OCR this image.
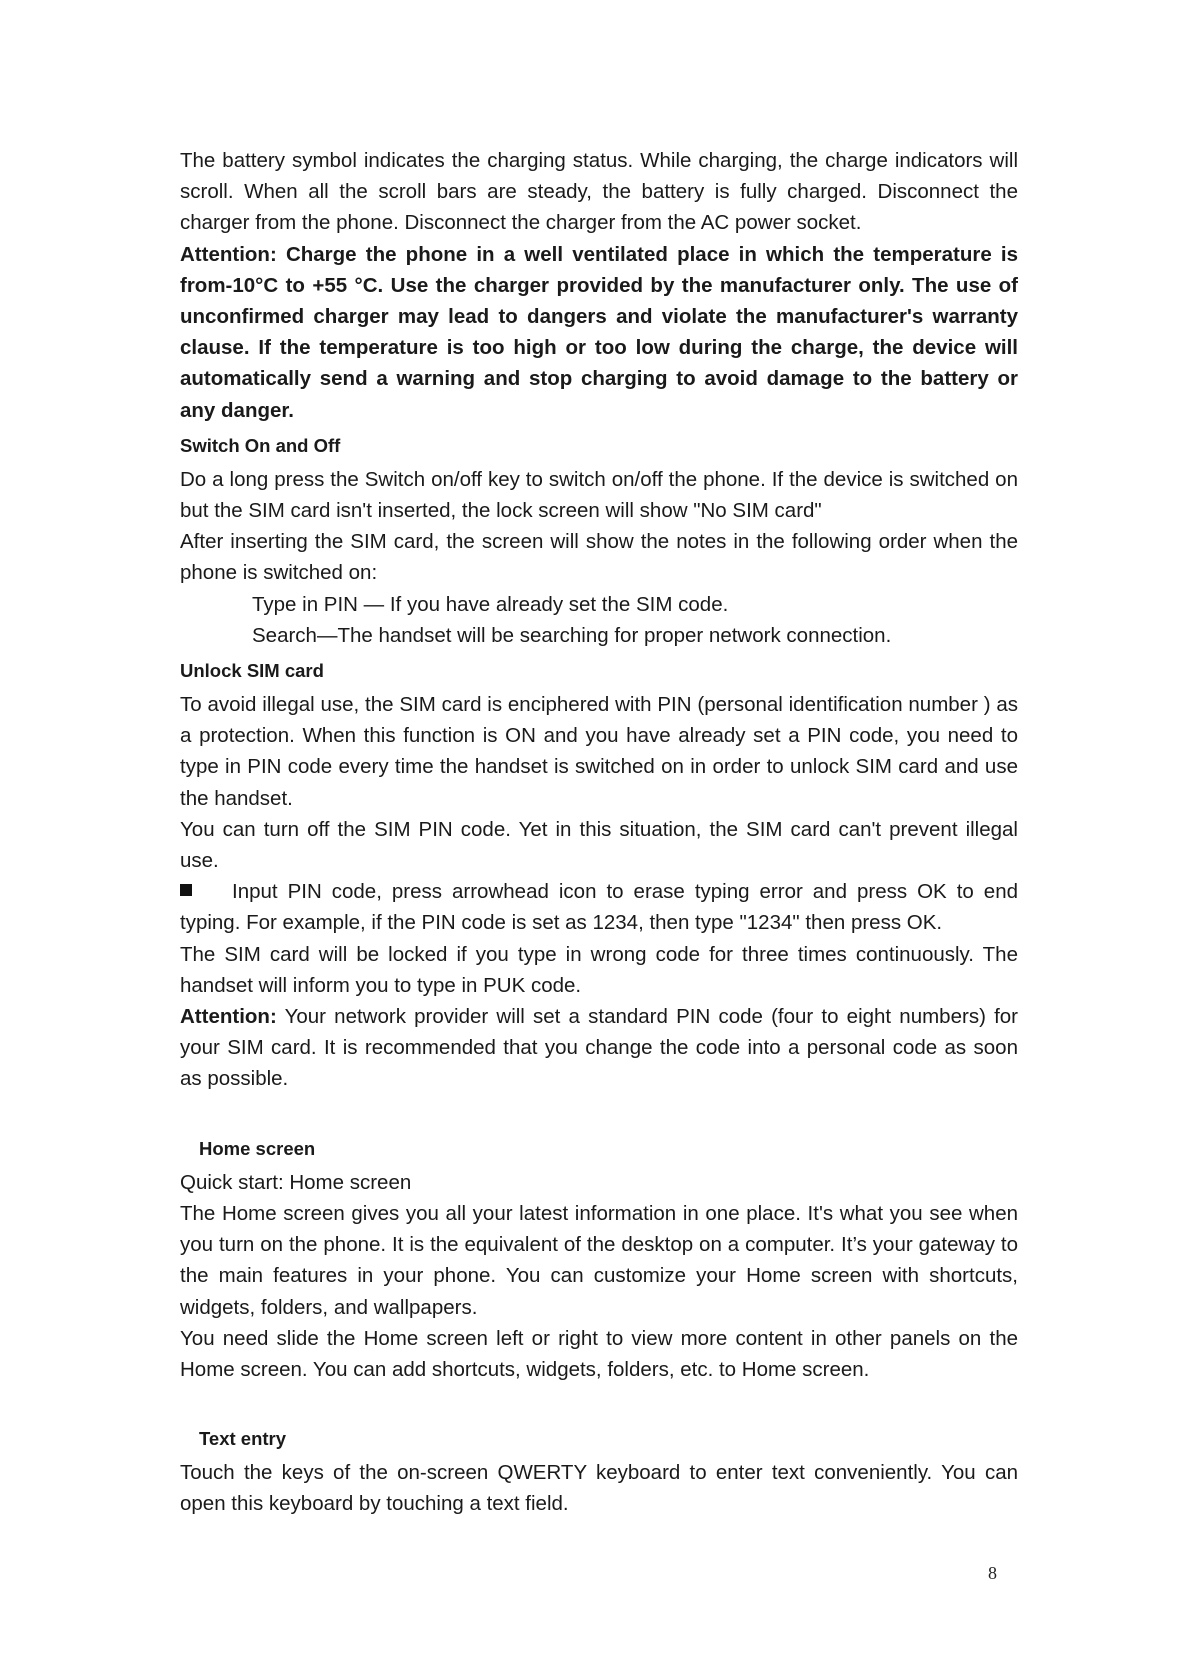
The battery symbol indicates the charging status. While charging, the charge indicators will scroll. When all the scroll bars are steady, the battery is fully charged. Disconnect the charger from the phone. Disconnect the charger from the AC power socket.

Attention: Charge the phone in a well ventilated place in which the temperature is from-10°C to +55 °C. Use the charger provided by the manufacturer only. The use of unconfirmed charger may lead to dangers and violate the manufacturer's warranty clause. If the temperature is too high or too low during the charge, the device will automatically send a warning and stop charging to avoid damage to the battery or any danger.

Switch On and Off

Do a long press the Switch on/off key to switch on/off the phone. If the device is switched on but the SIM card isn't inserted, the lock screen will show "No SIM card"

After inserting the SIM card, the screen will show the notes in the following order when the phone is switched on:

Type in PIN — If you have already set the SIM code.

Search—The handset will be searching for proper network connection.

Unlock SIM card

To avoid illegal use, the SIM card is enciphered with PIN (personal identification number ) as a protection. When this function is ON and you have already set a PIN code, you need to type in PIN code every time the handset is switched on in order to unlock SIM card and use the handset.

You can turn off the SIM PIN code. Yet in this situation, the SIM card can't prevent illegal use.

Input PIN code, press arrowhead icon to erase typing error and press OK to end typing. For example, if the PIN code is set as 1234, then type "1234" then press OK.

The SIM card will be locked if you type in wrong code for three times continuously. The handset will inform you to type in PUK code.

Attention: Your network provider will set a standard PIN code (four to eight numbers) for your SIM card. It is recommended that you change the code into a personal code as soon as possible.

Home screen

Quick start: Home screen

The Home screen gives you all your latest information in one place. It's what you see when you turn on the phone. It is the equivalent of the desktop on a computer. It’s your gateway to the main features in your phone. You can customize your Home screen with shortcuts, widgets, folders, and wallpapers.

You need slide the Home screen left or right to view more content in other panels on the Home screen. You can add shortcuts, widgets, folders, etc. to Home screen.

Text entry

Touch the keys of the on-screen QWERTY keyboard to enter text conveniently. You can open this keyboard by touching a text field.

8
